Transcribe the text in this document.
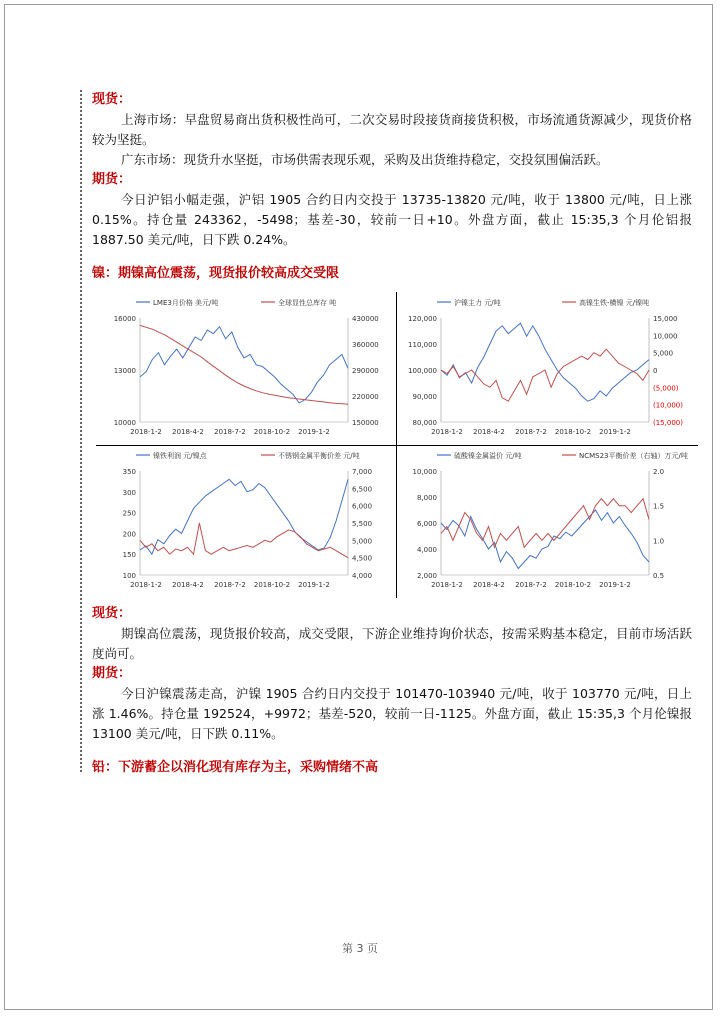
现货：

上海市场：早盘贸易商出货积极性尚可，二次交易时段接货商接货积极，市场流通货源减少，现货价格较为坚挺。

广东市场：现货升水坚挺，市场供需表现乐观，采购及出货维持稳定，交投氛围偏活跃。

期货：

今日沪铝小幅走强，沪铝 1905 合约日内交投于 13735-13820 元/吨，收于 13800 元/吨，日上涨 0.15%。持仓量 243362，-5498；基差-30，较前一日+10。外盘方面，截止 15:35,3 个月伦铝报 1887.50 美元/吨，日下跌 0.24%。

镍：期镍高位震荡，现货报价较高成交受限
LME3月价格 美元/吨	全球显性总库存 吨
16000
13000
10000
430000
360000
290000
220000
150000
2018-1-2 2018-4-2 2018-7-2 2018-10-2 2019-1-2
沪镍主力 元/吨	高镍生铁-横镍 元/镍吨
120,000
110,000
100,000
90,000
80,000
15,000
10,000
5,000
0
(5,000)
(10,000)
(15,000)
2018-1-2 2018-4-2 2018-7-2 2018-10-2 2019-1-2
镍铁利润 元/镍点	不锈钢金属平衡价差 元/吨
350
300
250
200
150
100
7,000
6,500
6,000
5,500
5,000
4,500
4,000
2018-1-2 2018-4-2 2018-7-2 2018-10-2 2019-1-2
硫酸镍金属溢价 元/吨	NCMS23平衡价差（右轴）万元/吨
10,000
8,000
6,000
4,000
2,000
2.0
1.5
1.0
0.5
2018-1-2 2018-4-2 2018-7-2 2018-10-2 2019-1-2
现货：

期镍高位震荡，现货报价较高，成交受限，下游企业维持询价状态，按需采购基本稳定，目前市场活跃度尚可。

期货：

今日沪镍震荡走高，沪镍 1905 合约日内交投于 101470-103940 元/吨，收于 103770 元/吨，日上涨 1.46%。持仓量 192524，+9972；基差-520，较前一日-1125。外盘方面，截止 15:35,3 个月伦镍报 13100 美元/吨，日下跌 0.11%。

铅：下游蓄企以消化现有库存为主，采购情绪不高
第 3 页
